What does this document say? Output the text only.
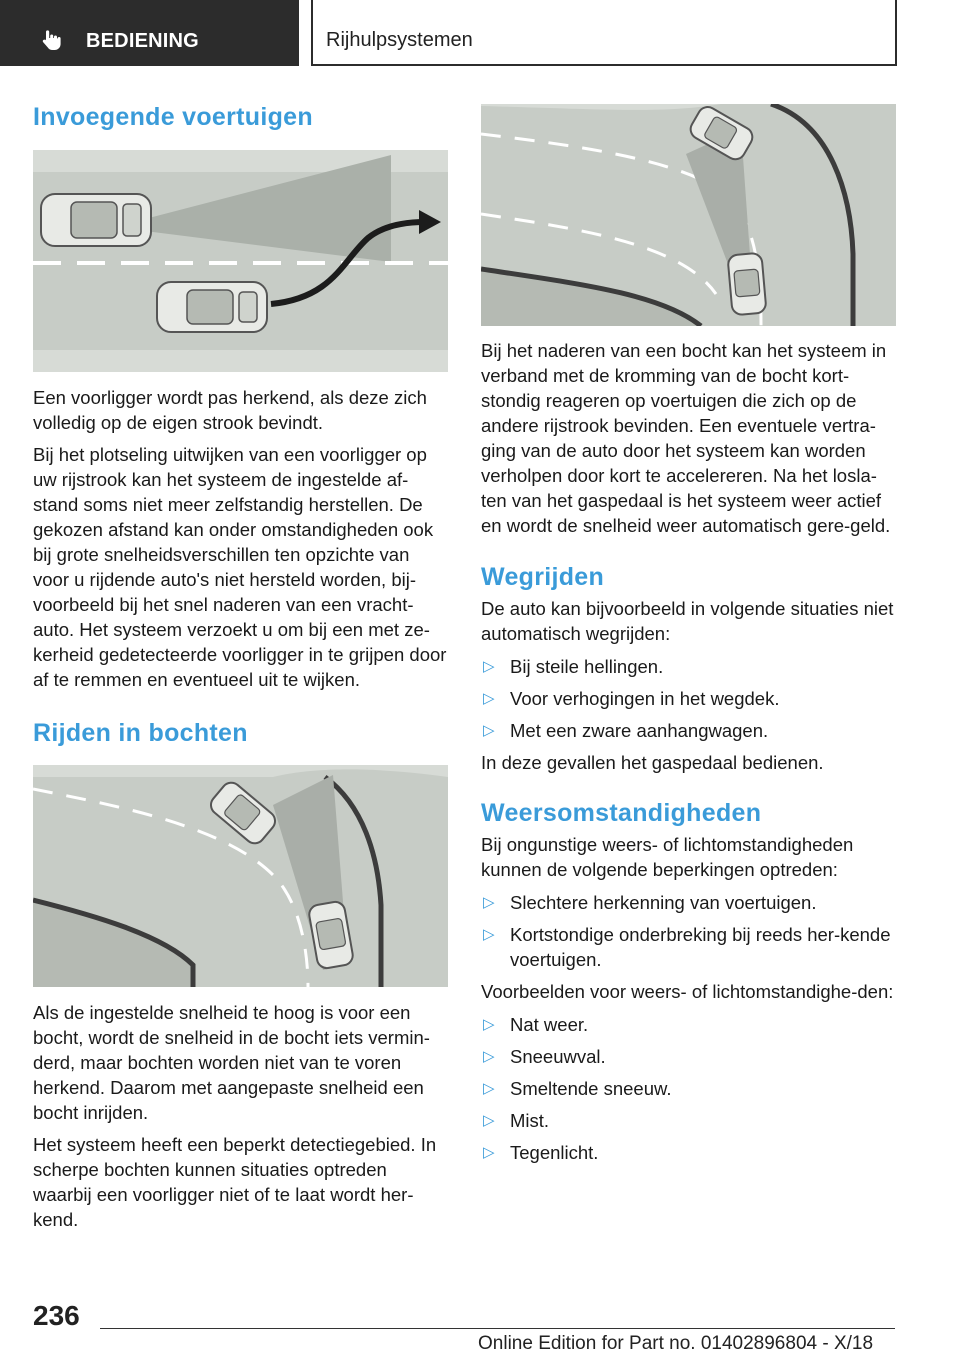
BEDIENING	Rijhulpsystemen
Invoegende voertuigen

Een voorligger wordt pas herkend, als deze zich volledig op de eigen strook bevindt.

Bij het plotseling uitwijken van een voorligger op uw rijstrook kan het systeem de ingestelde af-stand soms niet meer zelfstandig herstellen. De gekozen afstand kan onder omstandigheden ook bij grote snelheidsverschillen ten opzichte van voor u rijdende auto's niet hersteld worden, bij-voorbeeld bij het snel naderen van een vracht-auto. Het systeem verzoekt u om bij een met ze-kerheid gedetecteerde voorligger in te grijpen door af te remmen en eventueel uit te wijken.

Rijden in bochten

Als de ingestelde snelheid te hoog is voor een bocht, wordt de snelheid in de bocht iets vermin-derd, maar bochten worden niet van te voren herkend. Daarom met aangepaste snelheid een bocht inrijden.

Het systeem heeft een beperkt detectiegebied. In scherpe bochten kunnen situaties optreden waarbij een voorligger niet of te laat wordt her-kend.

Bij het naderen van een bocht kan het systeem in verband met de kromming van de bocht kort-stondig reageren op voertuigen die zich op de andere rijstrook bevinden. Een eventuele vertra-ging van de auto door het systeem kan worden verholpen door kort te accelereren. Na het losla-ten van het gaspedaal is het systeem weer actief en wordt de snelheid weer automatisch gere-geld.

Wegrijden

De auto kan bijvoorbeeld in volgende situaties niet automatisch wegrijden:

▷ Bij steile hellingen.
▷ Voor verhogingen in het wegdek.
▷ Met een zware aanhangwagen.

In deze gevallen het gaspedaal bedienen.

Weersomstandigheden

Bij ongunstige weers- of lichtomstandigheden kunnen de volgende beperkingen optreden:

▷ Slechtere herkenning van voertuigen.
▷ Kortstondige onderbreking bij reeds her-kende voertuigen.

Voorbeelden voor weers- of lichtomstandighe-den:

▷ Nat weer.
▷ Sneeuwval.
▷ Smeltende sneeuw.
▷ Mist.
▷ Tegenlicht.
236
Online Edition for Part no. 01402896804 - X/18
